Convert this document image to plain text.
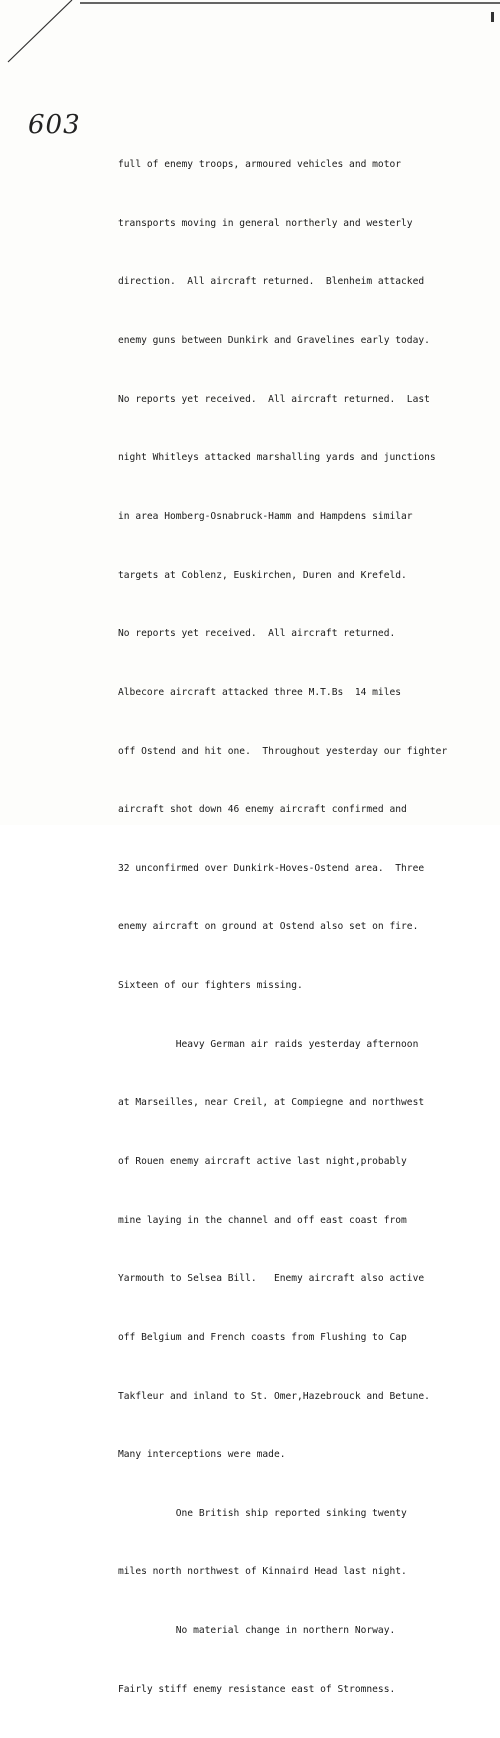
603

full of enemy troops, armoured vehicles and motor

transports moving in general northerly and westerly

direction.  All aircraft returned.  Blenheim attacked

enemy guns between Dunkirk and Gravelines early today.

No reports yet received.  All aircraft returned.  Last

night Whitleys attacked marshalling yards and junctions

in area Homberg-Osnabruck-Hamm and Hampdens similar

targets at Coblenz, Euskirchen, Duren and Krefeld.

No reports yet received.  All aircraft returned.

Albecore aircraft attacked three M.T.Bs  14 miles

off Ostend and hit one.  Throughout yesterday our fighter

aircraft shot down 46 enemy aircraft confirmed and

32 unconfirmed over Dunkirk-Hoves-Ostend area.  Three

enemy aircraft on ground at Ostend also set on fire.

Sixteen of our fighters missing.

Heavy German air raids yesterday afternoon

at Marseilles, near Creil, at Compiegne and northwest

of Rouen enemy aircraft active last night,probably

mine laying in the channel and off east coast from

Yarmouth to Selsea Bill.   Enemy aircraft also active

off Belgium and French coasts from Flushing to Cap

Takfleur and inland to St. Omer,Hazebrouck and Betune.

Many interceptions were made.

One British ship reported sinking twenty

miles north northwest of Kinnaird Head last night.

No material change in northern Norway.

Fairly stiff enemy resistance east of Stromness.
